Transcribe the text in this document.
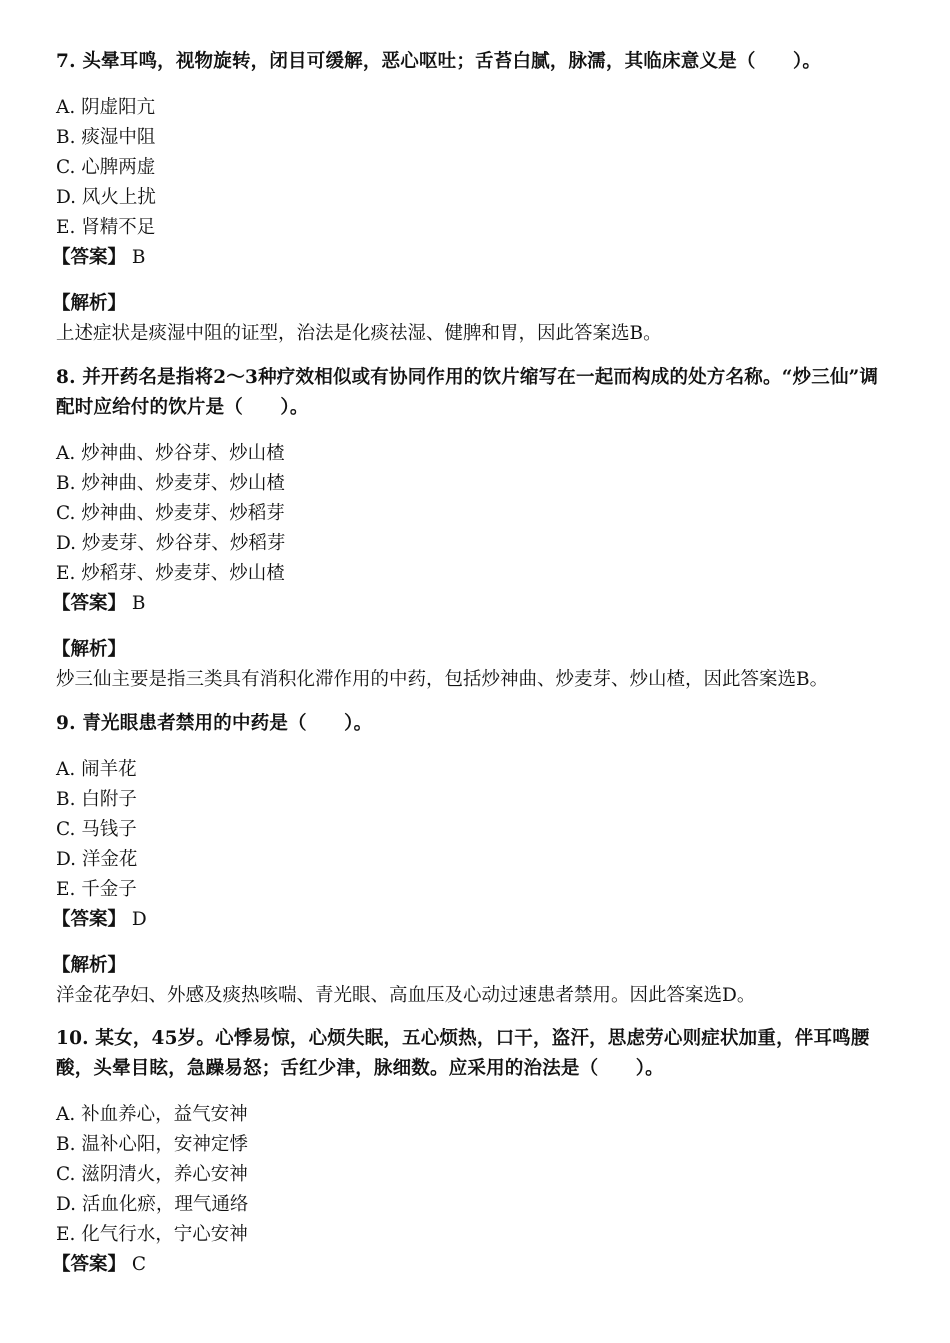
7. 头晕耳鸣，视物旋转，闭目可缓解，恶心呕吐；舌苔白腻，脉濡，其临床意义是（　　）。

A. 阴虚阳亢
B. 痰湿中阻
C. 心脾两虚
D. 风火上扰
E. 肾精不足
【答案】 B
【解析】
上述症状是痰湿中阻的证型，治法是化痰祛湿、健脾和胃，因此答案选B。

8. 并开药名是指将2～3种疗效相似或有协同作用的饮片缩写在一起而构成的处方名称。“炒三仙”调

配时应给付的饮片是（　　）。

A. 炒神曲、炒谷芽、炒山楂
B. 炒神曲、炒麦芽、炒山楂
C. 炒神曲、炒麦芽、炒稻芽
D. 炒麦芽、炒谷芽、炒稻芽
E. 炒稻芽、炒麦芽、炒山楂
【答案】 B
【解析】
炒三仙主要是指三类具有消积化滞作用的中药，包括炒神曲、炒麦芽、炒山楂，因此答案选B。

9. 青光眼患者禁用的中药是（　　）。

A. 闹羊花
B. 白附子
C. 马钱子
D. 洋金花
E. 千金子
【答案】 D
【解析】
洋金花孕妇、外感及痰热咳喘、青光眼、高血压及心动过速患者禁用。因此答案选D。

10. 某女，45岁。心悸易惊，心烦失眠，五心烦热，口干，盗汗，思虑劳心则症状加重，伴耳鸣腰

酸，头晕目眩，急躁易怒；舌红少津，脉细数。应采用的治法是（　　）。

A. 补血养心，益气安神
B. 温补心阳，安神定悸
C. 滋阴清火，养心安神
D. 活血化瘀，理气通络
E. 化气行水，宁心安神
【答案】 C
